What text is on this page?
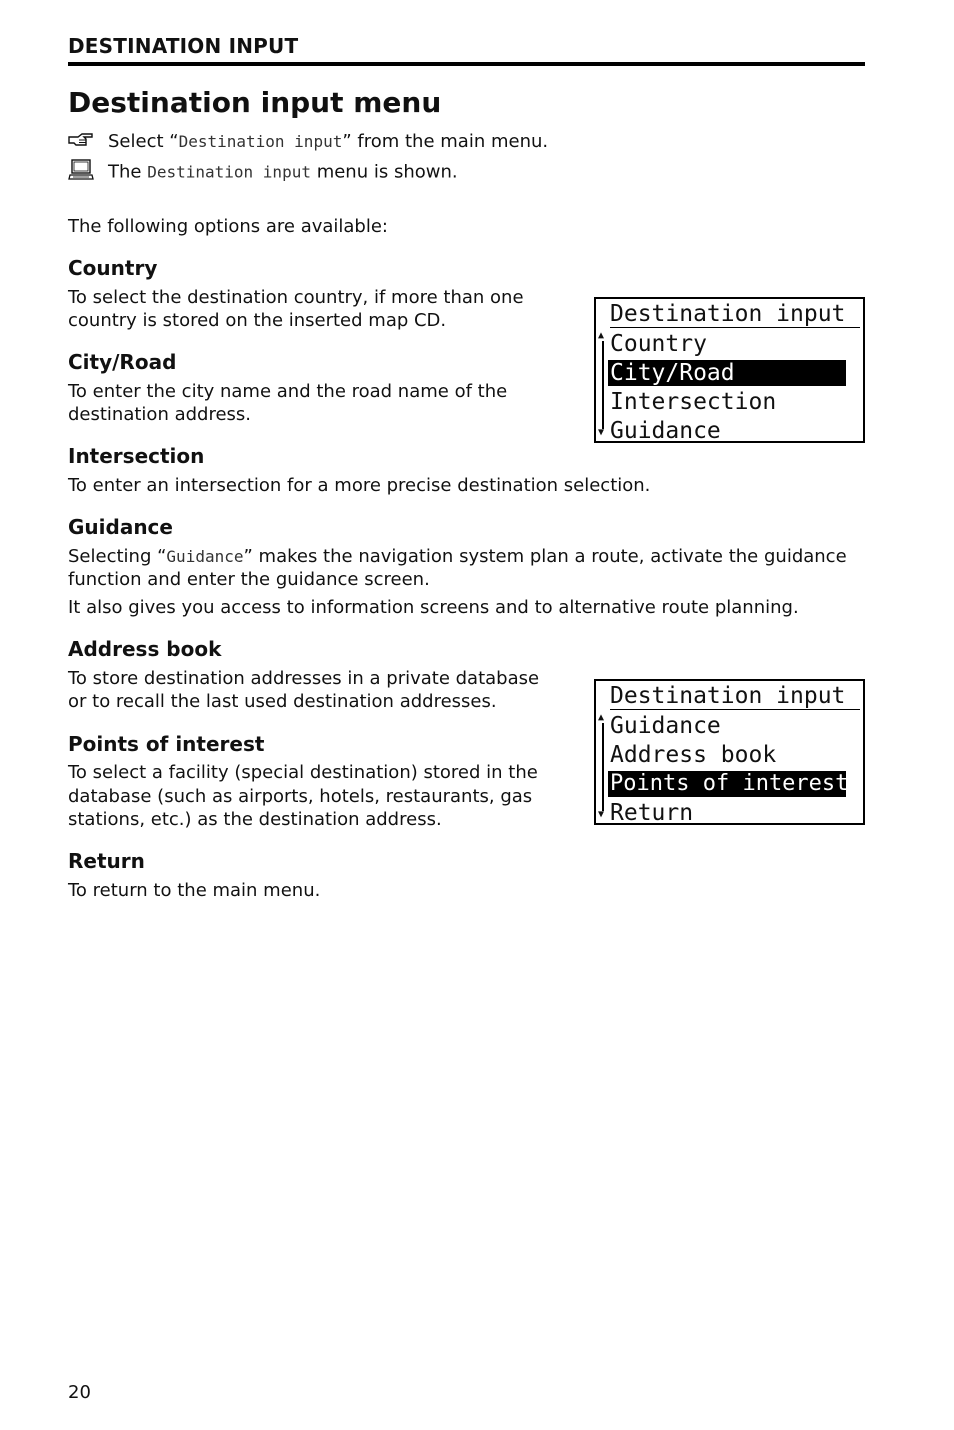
DESTINATION INPUT
Destination input menu
Select “Destination input” from the main menu.
The Destination input menu is shown.
The following options are available:
Country
To select the destination country, if more than one
country is stored on the inserted map CD.
City/Road
To enter the city name and the road name of the
destination address.
Intersection
To enter an intersection for a more precise destination selection.
Guidance
Selecting “Guidance” makes the navigation system plan a route, activate the guidance
function and enter the guidance screen.
It also gives you access to information screens and to alternative route planning.
Address book
To store destination addresses in a private database
or to recall the last used destination addresses.
Points of interest
To select a facility (special destination) stored in the
database (such as airports, hotels, restaurants, gas
stations, etc.) as the destination address.
Return
To return to the main menu.
Destination input
▲
▼
Country
City/Road
Intersection
Guidance
Destination input
▲
▼
Guidance
Address book
Points of interest
Return
20
